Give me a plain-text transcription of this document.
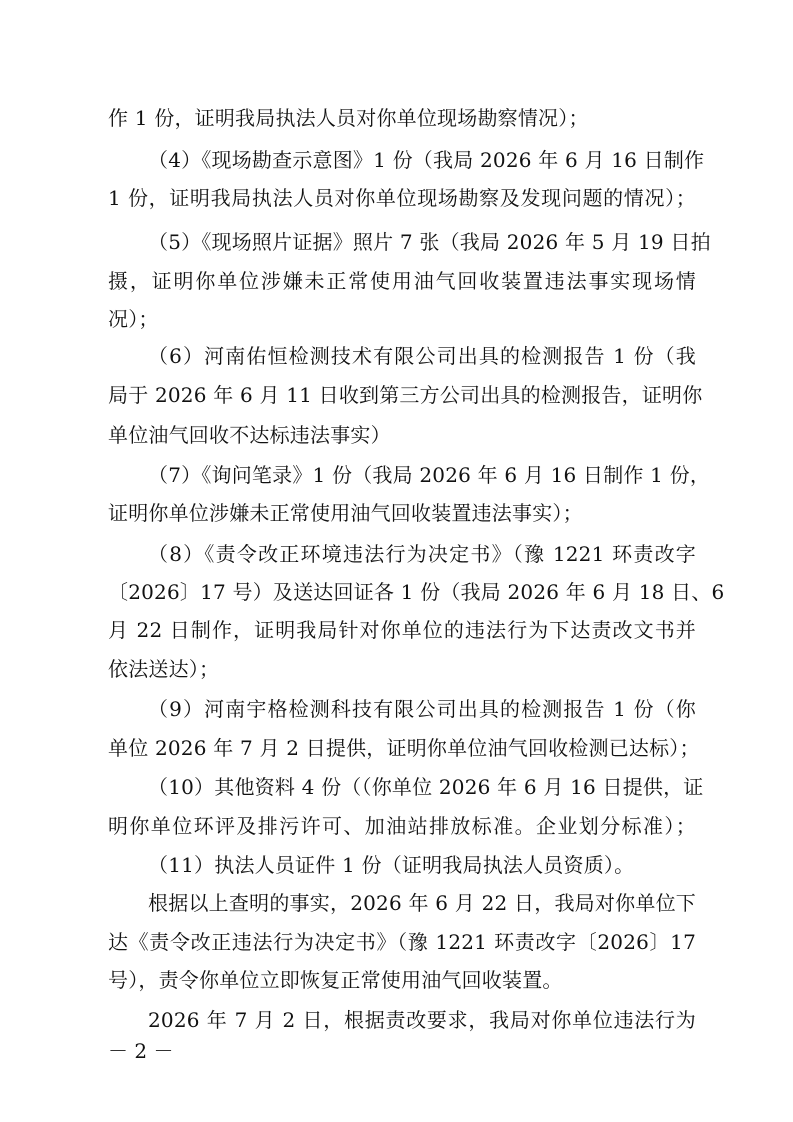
作 1 份，证明我局执法人员对你单位现场勘察情况）；
（4）《现场勘查示意图》1 份（我局 2026 年 6 月 16 日制作
1 份，证明我局执法人员对你单位现场勘察及发现问题的情况）；
（5）《现场照片证据》照片 7 张（我局 2026 年 5 月 19 日拍
摄，证明你单位涉嫌未正常使用油气回收装置违法事实现场情
况）；
（6）河南佑恒检测技术有限公司出具的检测报告 1 份（我
局于 2026 年 6 月 11 日收到第三方公司出具的检测报告，证明你
单位油气回收不达标违法事实）
（7）《询问笔录》1 份（我局 2026 年 6 月 16 日制作 1 份，
证明你单位涉嫌未正常使用油气回收装置违法事实）；
（8）《责令改正环境违法行为决定书》（豫 1221 环责改字
〔2026〕17 号）及送达回证各 1 份（我局 2026 年 6 月 18 日、6
月 22 日制作，证明我局针对你单位的违法行为下达责改文书并
依法送达）；
（9）河南宇格检测科技有限公司出具的检测报告 1 份（你
单位 2026 年 7 月 2 日提供，证明你单位油气回收检测已达标）；
（10）其他资料 4 份（（你单位 2026 年 6 月 16 日提供，证
明你单位环评及排污许可、加油站排放标准。企业划分标准）；
（11）执法人员证件 1 份（证明我局执法人员资质）。
根据以上查明的事实，2026 年 6 月 22 日，我局对你单位下
达《责令改正违法行为决定书》（豫 1221 环责改字〔2026〕17
号），责令你单位立即恢复正常使用油气回收装置。
2026 年 7 月 2 日，根据责改要求，我局对你单位违法行为
－ 2 －
